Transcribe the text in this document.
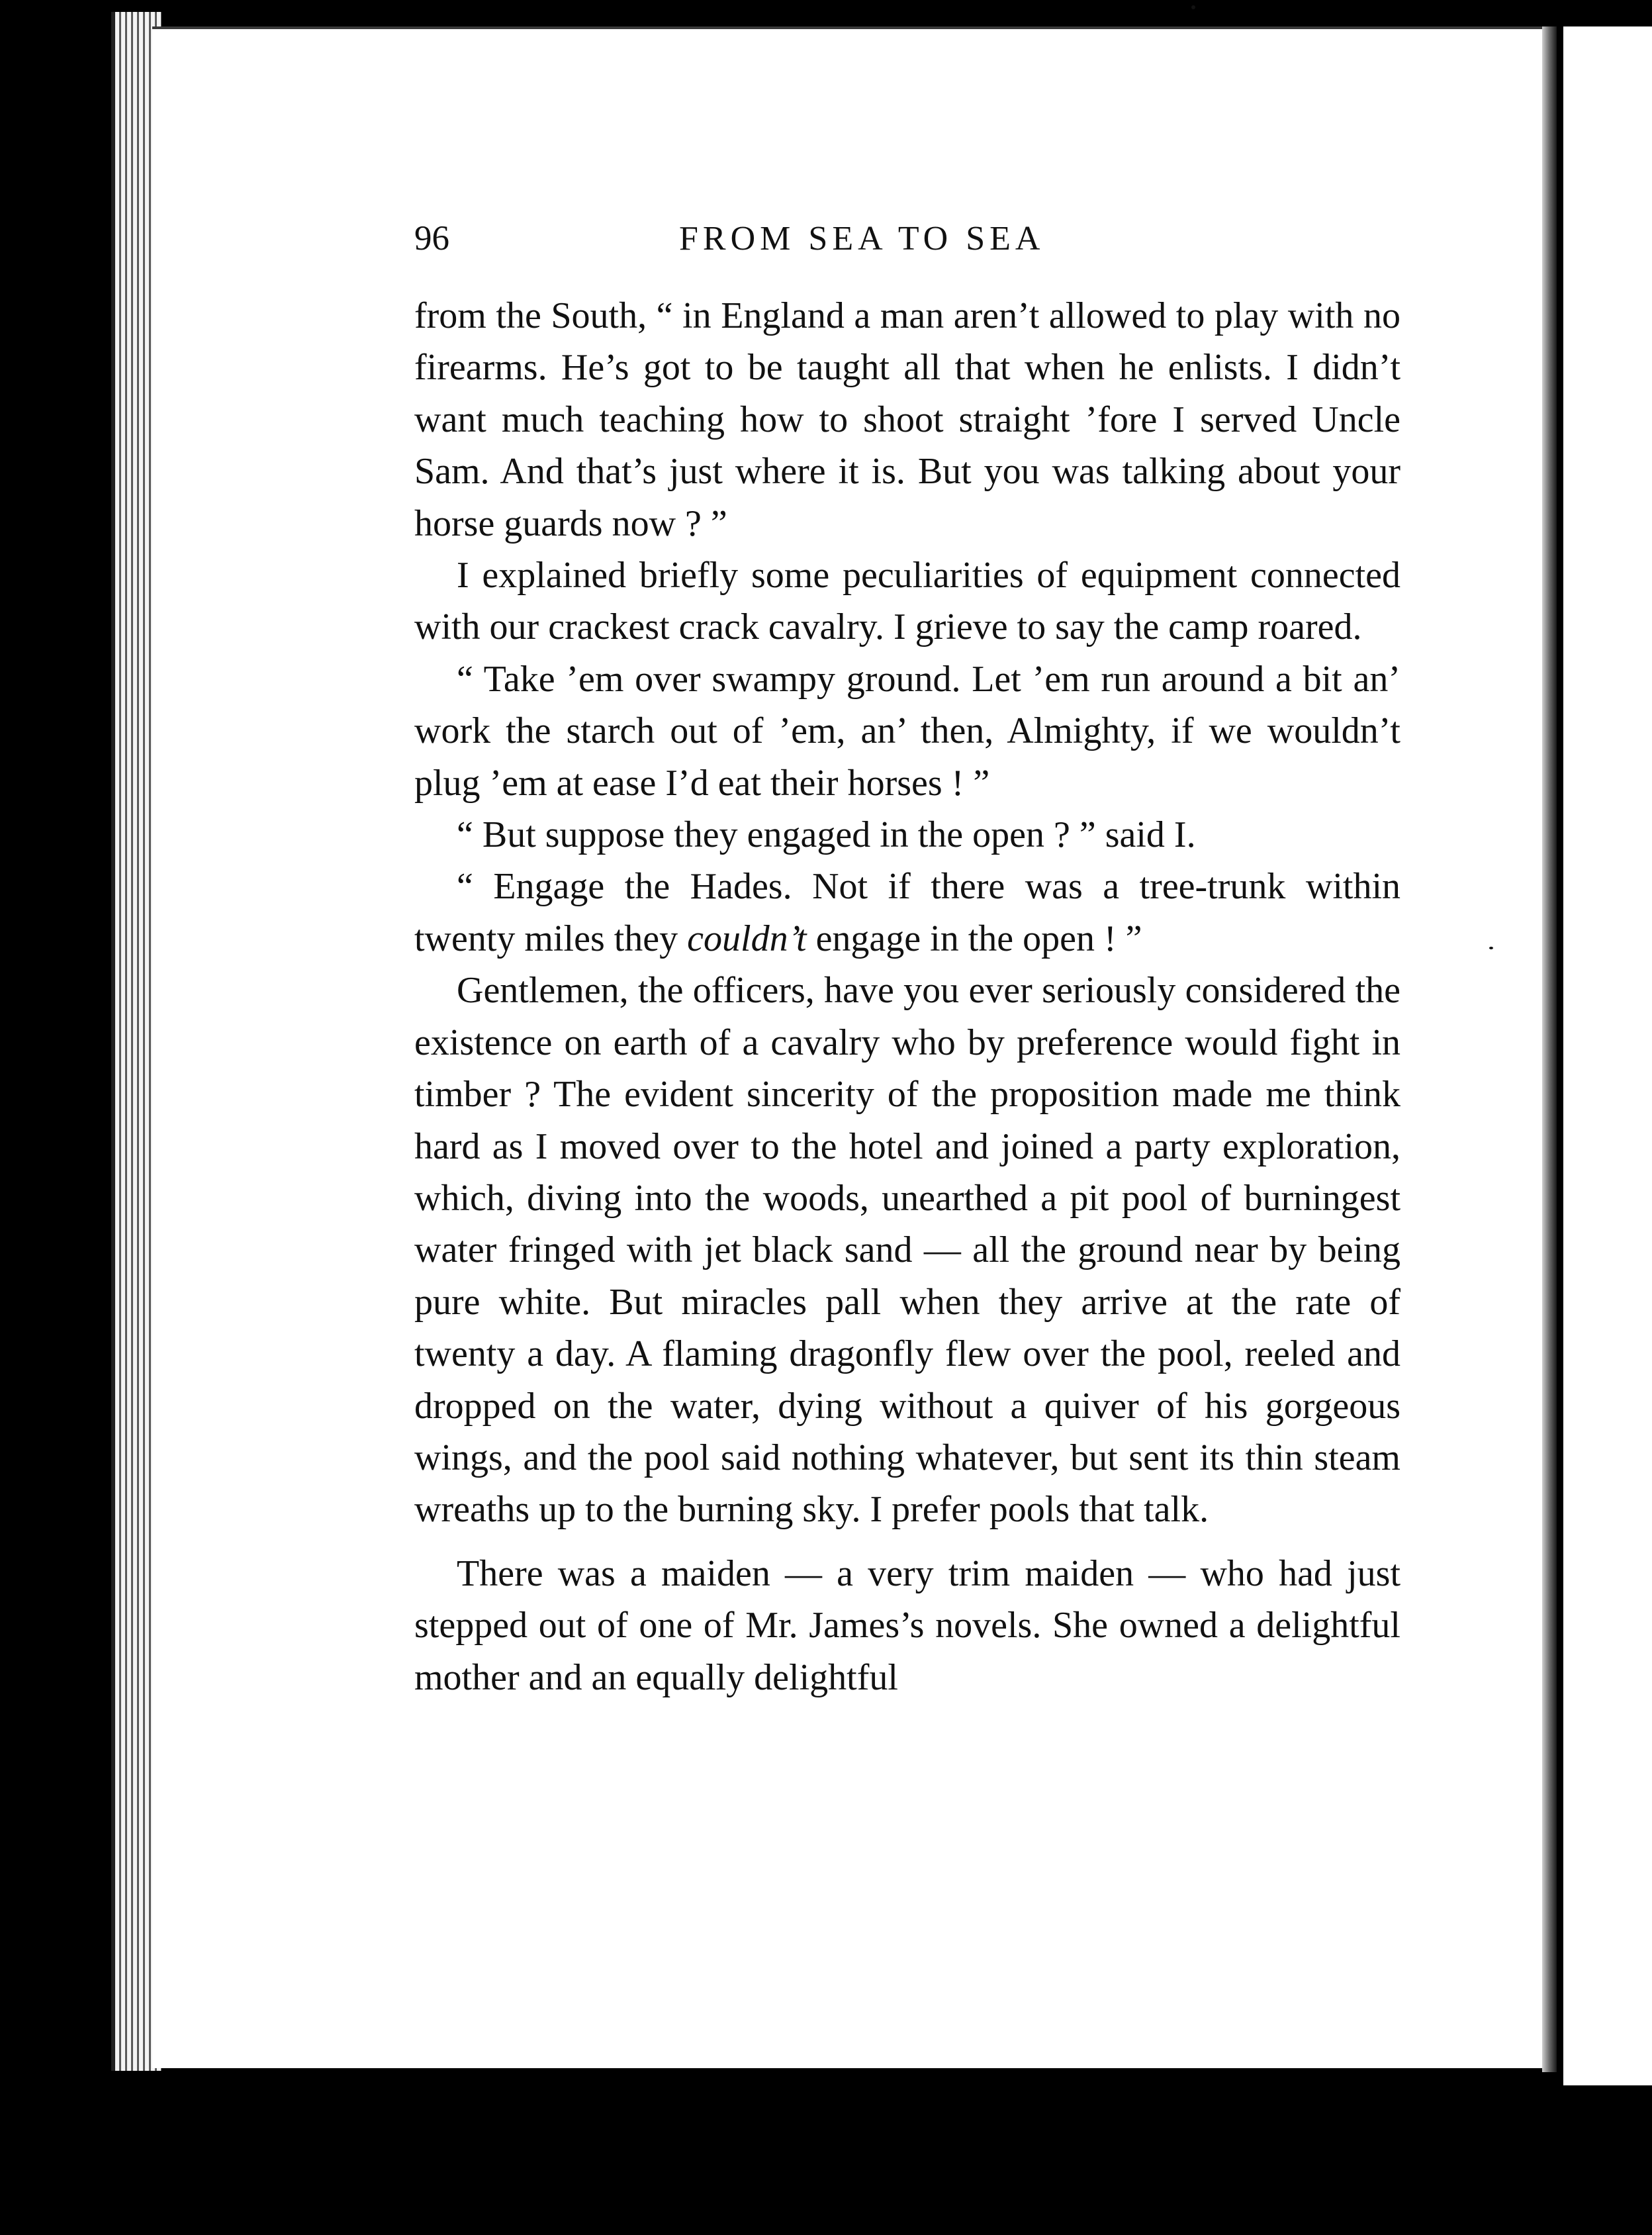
96	FROM SEA TO SEA

from the South, “ in England a man aren’t allowed to play with no firearms. He’s got to be taught all that when he enlists. I didn’t want much teaching how to shoot straight ’fore I served Uncle Sam. And that’s just where it is. But you was talking about your horse guards now ? ”

I explained briefly some peculiarities of equipment connected with our crackest crack cavalry. I grieve to say the camp roared.

“ Take ’em over swampy ground. Let ’em run around a bit an’ work the starch out of ’em, an’ then, Almighty, if we wouldn’t plug ’em at ease I’d eat their horses ! ”

“ But suppose they engaged in the open ? ” said I.

“ Engage the Hades. Not if there was a tree-trunk within twenty miles they couldn’t engage in the open ! ”

Gentlemen, the officers, have you ever seriously considered the existence on earth of a cavalry who by preference would fight in timber ? The evident sincerity of the proposition made me think hard as I moved over to the hotel and joined a party exploration, which, diving into the woods, unearthed a pit pool of burningest water fringed with jet black sand — all the ground near by being pure white. But miracles pall when they arrive at the rate of twenty a day. A flaming dragonfly flew over the pool, reeled and dropped on the water, dying without a quiver of his gorgeous wings, and the pool said nothing whatever, but sent its thin steam wreaths up to the burning sky. I prefer pools that talk.

There was a maiden — a very trim maiden — who had just stepped out of one of Mr. James’s novels. She owned a delightful mother and an equally delightful
